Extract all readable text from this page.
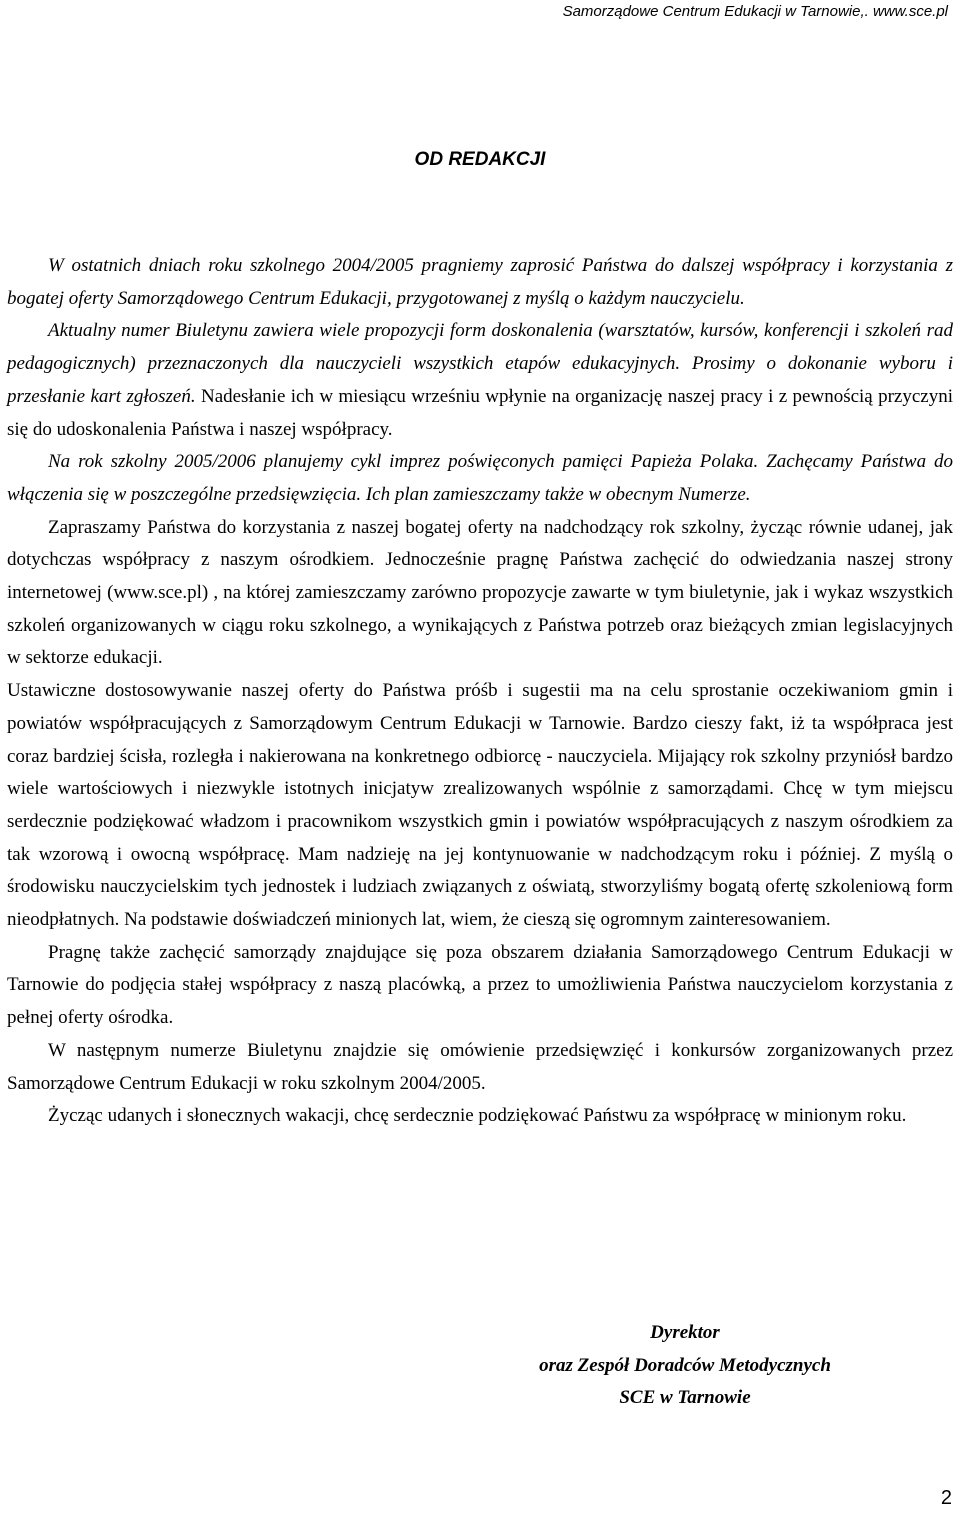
Samorządowe Centrum Edukacji w Tarnowie,. www.sce.pl
OD REDAKCJI

W ostatnich dniach roku szkolnego 2004/2005 pragniemy zaprosić Państwa do dalszej współpracy i korzystania z bogatej oferty Samorządowego Centrum Edukacji, przygotowanej z myślą o każdym nauczycielu.

Aktualny numer Biuletynu zawiera wiele propozycji form doskonalenia (warsztatów, kursów, konferencji i szkoleń rad pedagogicznych) przeznaczonych dla nauczycieli wszystkich etapów edukacyjnych. Prosimy o dokonanie wyboru i przesłanie kart zgłoszeń. Nadesłanie ich w miesiącu wrześniu wpłynie na organizację naszej pracy i z pewnością przyczyni się do udoskonalenia Państwa i naszej współpracy.

Na rok szkolny 2005/2006 planujemy cykl imprez poświęconych pamięci Papieża Polaka. Zachęcamy Państwa do włączenia się w poszczególne przedsięwzięcia. Ich plan zamieszczamy także w obecnym Numerze.

Zapraszamy Państwa do korzystania z naszej bogatej oferty na nadchodzący rok szkolny, życząc równie udanej, jak dotychczas współpracy z naszym ośrodkiem. Jednocześnie pragnę Państwa zachęcić do odwiedzania naszej strony internetowej (www.sce.pl) , na której zamieszczamy zarówno propozycje zawarte w tym biuletynie, jak i wykaz wszystkich szkoleń organizowanych w ciągu roku szkolnego, a wynikających z Państwa potrzeb oraz bieżących zmian legislacyjnych w sektorze edukacji.

Ustawiczne dostosowywanie naszej oferty do Państwa próśb i sugestii ma na celu sprostanie oczekiwaniom gmin i powiatów współpracujących z Samorządowym Centrum Edukacji w Tarnowie. Bardzo cieszy fakt, iż ta współpraca jest coraz bardziej ścisła, rozległa i nakierowana na konkretnego odbiorcę - nauczyciela. Mijający rok szkolny przyniósł bardzo wiele wartościowych i niezwykle istotnych inicjatyw zrealizowanych wspólnie z samorządami. Chcę w tym miejscu serdecznie podziękować władzom i pracownikom wszystkich gmin i powiatów współpracujących z naszym ośrodkiem za tak wzorową i owocną współpracę. Mam nadzieję na jej kontynuowanie w nadchodzącym roku i później. Z myślą o środowisku nauczycielskim tych jednostek i ludziach związanych z oświatą, stworzyliśmy bogatą ofertę szkoleniową form nieodpłatnych. Na podstawie doświadczeń minionych lat, wiem, że cieszą się ogromnym zainteresowaniem.

Pragnę także zachęcić samorządy znajdujące się poza obszarem działania Samorządowego Centrum Edukacji w Tarnowie do podjęcia stałej współpracy z naszą placówką, a przez to umożliwienia Państwa nauczycielom korzystania z pełnej oferty ośrodka.

W następnym numerze Biuletynu znajdzie się omówienie przedsięwzięć i konkursów zorganizowanych przez Samorządowe Centrum Edukacji w roku szkolnym 2004/2005.

Życząc udanych i słonecznych wakacji, chcę serdecznie podziękować Państwu za współpracę w minionym roku.

Dyrektor
oraz Zespół Doradców Metodycznych
SCE w Tarnowie
2
